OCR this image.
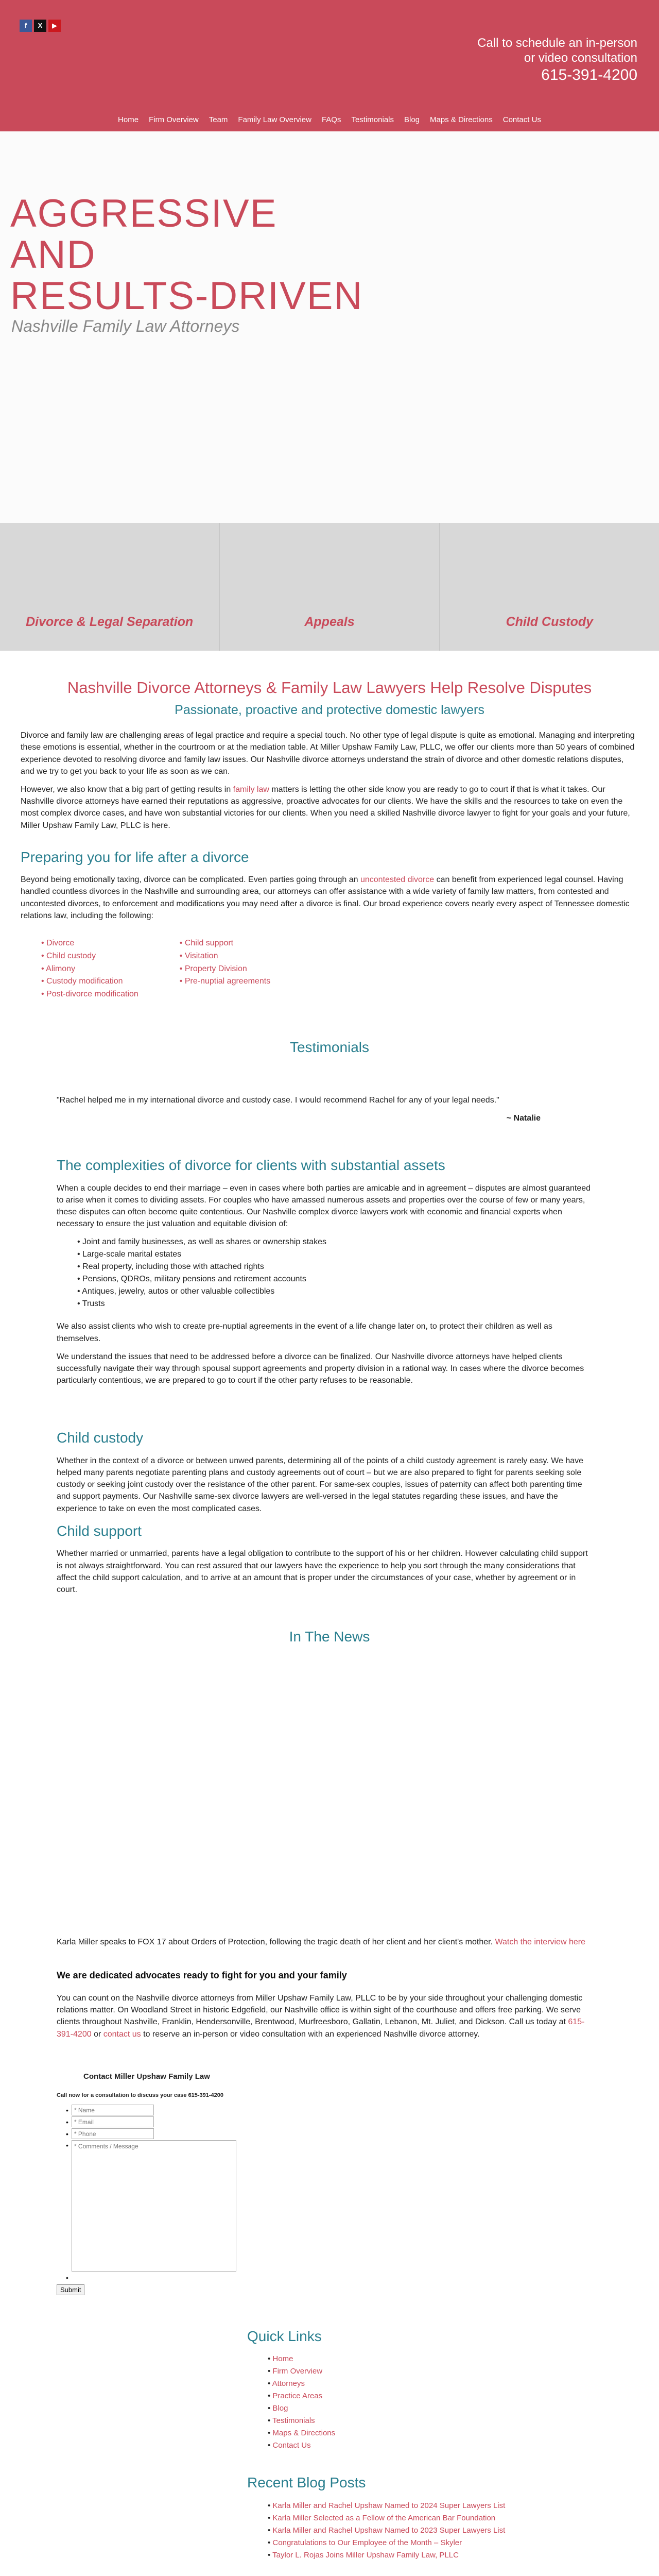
f	X	▶
Call to schedule an in-person
or video consultation
615-391-4200
Home Firm Overview Team Family Law Overview FAQs Testimonials Blog Maps & Directions Contact Us
AGGRESSIVE
AND
RESULTS-DRIVEN
Nashville Family Law Attorneys
Divorce & Legal Separation	Appeals	Child Custody
Nashville Divorce Attorneys & Family Law Lawyers Help Resolve Disputes
Passionate, proactive and protective domestic lawyers

Divorce and family law are challenging areas of legal practice and require a special touch. No other type of legal dispute is quite as emotional. Managing and interpreting these emotions is essential, whether in the courtroom or at the mediation table. At Miller Upshaw Family Law, PLLC, we offer our clients more than 50 years of combined experience devoted to resolving divorce and family law issues. Our Nashville divorce attorneys understand the strain of divorce and other domestic relations disputes, and we try to get you back to your life as soon as we can.

However, we also know that a big part of getting results in family law matters is letting the other side know you are ready to go to court if that is what it takes. Our Nashville divorce attorneys have earned their reputations as aggressive, proactive advocates for our clients. We have the skills and the resources to take on even the most complex divorce cases, and have won substantial victories for our clients. When you need a skilled Nashville divorce lawyer to fight for your goals and your future, Miller Upshaw Family Law, PLLC is here.

Preparing you for life after a divorce

Beyond being emotionally taxing, divorce can be complicated. Even parties going through an uncontested divorce can benefit from experienced legal counsel. Having handled countless divorces in the Nashville and surrounding area, our attorneys can offer assistance with a wide variety of family law matters, from contested and uncontested divorces, to enforcement and modifications you may need after a divorce is final. Our broad experience covers nearly every aspect of Tennessee domestic relations law, including the following:

• Divorce
• Child custody
• Alimony
• Custody modification
• Post-divorce modification
• Child support
• Visitation
• Property Division
• Pre-nuptial agreements
Testimonials

"Rachel helped me in my international divorce and custody case. I would recommend Rachel for any of your legal needs."

~ Natalie
The complexities of divorce for clients with substantial assets

When a couple decides to end their marriage – even in cases where both parties are amicable and in agreement – disputes are almost guaranteed to arise when it comes to dividing assets. For couples who have amassed numerous assets and properties over the course of few or many years, these disputes can often become quite contentious. Our Nashville complex divorce lawyers work with economic and financial experts when necessary to ensure the just valuation and equitable division of:

• Joint and family businesses, as well as shares or ownership stakes
• Large-scale marital estates
• Real property, including those with attached rights
• Pensions, QDROs, military pensions and retirement accounts
• Antiques, jewelry, autos or other valuable collectibles
• Trusts

We also assist clients who wish to create pre-nuptial agreements in the event of a life change later on, to protect their children as well as themselves.

We understand the issues that need to be addressed before a divorce can be finalized. Our Nashville divorce attorneys have helped clients successfully navigate their way through spousal support agreements and property division in a rational way. In cases where the divorce becomes particularly contentious, we are prepared to go to court if the other party refuses to be reasonable.

Child custody

Whether in the context of a divorce or between unwed parents, determining all of the points of a child custody agreement is rarely easy. We have helped many parents negotiate parenting plans and custody agreements out of court – but we are also prepared to fight for parents seeking sole custody or seeking joint custody over the resistance of the other parent. For same-sex couples, issues of paternity can affect both parenting time and support payments. Our Nashville same-sex divorce lawyers are well-versed in the legal statutes regarding these issues, and have the experience to take on even the most complicated cases.

Child support

Whether married or unmarried, parents have a legal obligation to contribute to the support of his or her children. However calculating child support is not always straightforward. You can rest assured that our lawyers have the experience to help you sort through the many considerations that affect the child support calculation, and to arrive at an amount that is proper under the circumstances of your case, whether by agreement or in court.

In The News

Karla Miller speaks to FOX 17 about Orders of Protection, following the tragic death of her client and her client's mother. Watch the interview here

We are dedicated advocates ready to fight for you and your family

You can count on the Nashville divorce attorneys from Miller Upshaw Family Law, PLLC to be by your side throughout your challenging domestic relations matter. On Woodland Street in historic Edgefield, our Nashville office is within sight of the courthouse and offers free parking. We serve clients throughout Nashville, Franklin, Hendersonville, Brentwood, Murfreesboro, Gallatin, Lebanon, Mt. Juliet, and Dickson. Call us today at 615-391-4200 or contact us to reserve an in-person or video consultation with an experienced Nashville divorce attorney.

Contact Miller Upshaw Family Law
Call now for a consultation to discuss your case 615-391-4200
•
* Name
•
* Email
•
* Phone
•
* Comments / Message
•
Submit
Quick Links
• Home
• Firm Overview
• Attorneys
• Practice Areas
• Blog
• Testimonials
• Maps & Directions
• Contact Us
Recent Blog Posts
• Karla Miller and Rachel Upshaw Named to 2024 Super Lawyers List
• Karla Miller Selected as a Fellow of the American Bar Foundation
• Karla Miller and Rachel Upshaw Named to 2023 Super Lawyers List
• Congratulations to Our Employee of the Month – Skyler
• Taylor L. Rojas Joins Miller Upshaw Family Law, PLLC
